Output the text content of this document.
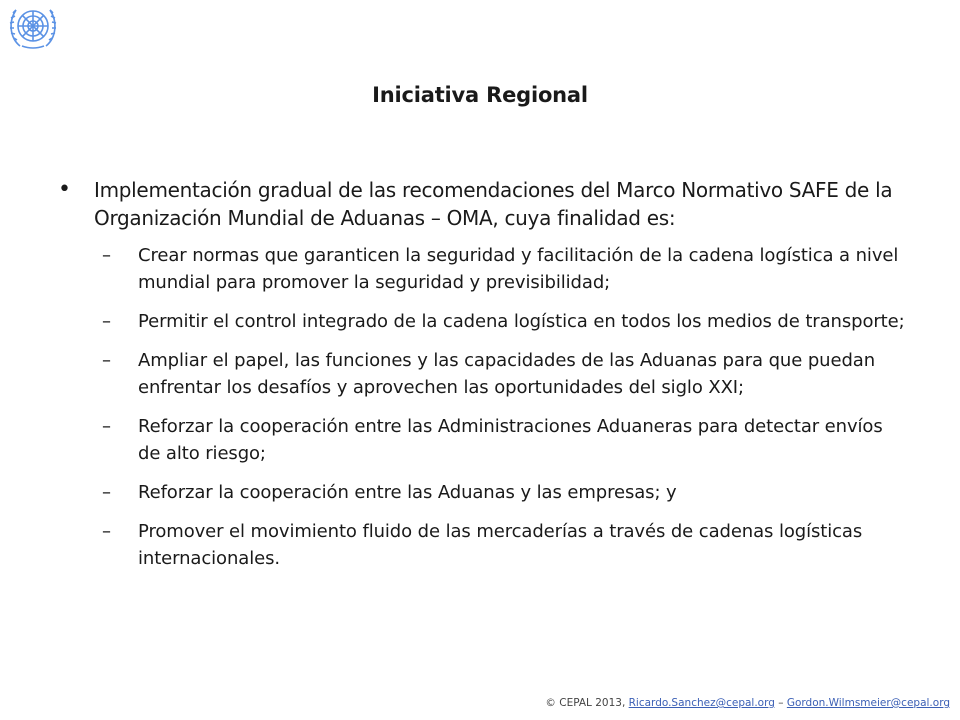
Iniciativa Regional
•	Implementación gradual de las recomendaciones del Marco Normativo SAFE de la Organización Mundial de Aduanas – OMA, cuya finalidad es:
–	Crear normas que garanticen la seguridad y facilitación de la cadena logística a nivel mundial para promover la seguridad y previsibilidad;
–	Permitir el control integrado de la cadena logística en todos los medios de transporte;
–	Ampliar el papel, las funciones y las capacidades de las Aduanas para que puedan enfrentar los desafíos y aprovechen las oportunidades del siglo XXI;
–	Reforzar la cooperación entre las Administraciones Aduaneras para detectar envíos de alto riesgo;
–	Reforzar la cooperación entre las Aduanas y las empresas; y
–	Promover el movimiento fluido de las mercaderías a través de cadenas logísticas internacionales.
© CEPAL 2013, Ricardo.Sanchez@cepal.org – Gordon.Wilmsmeier@cepal.org
